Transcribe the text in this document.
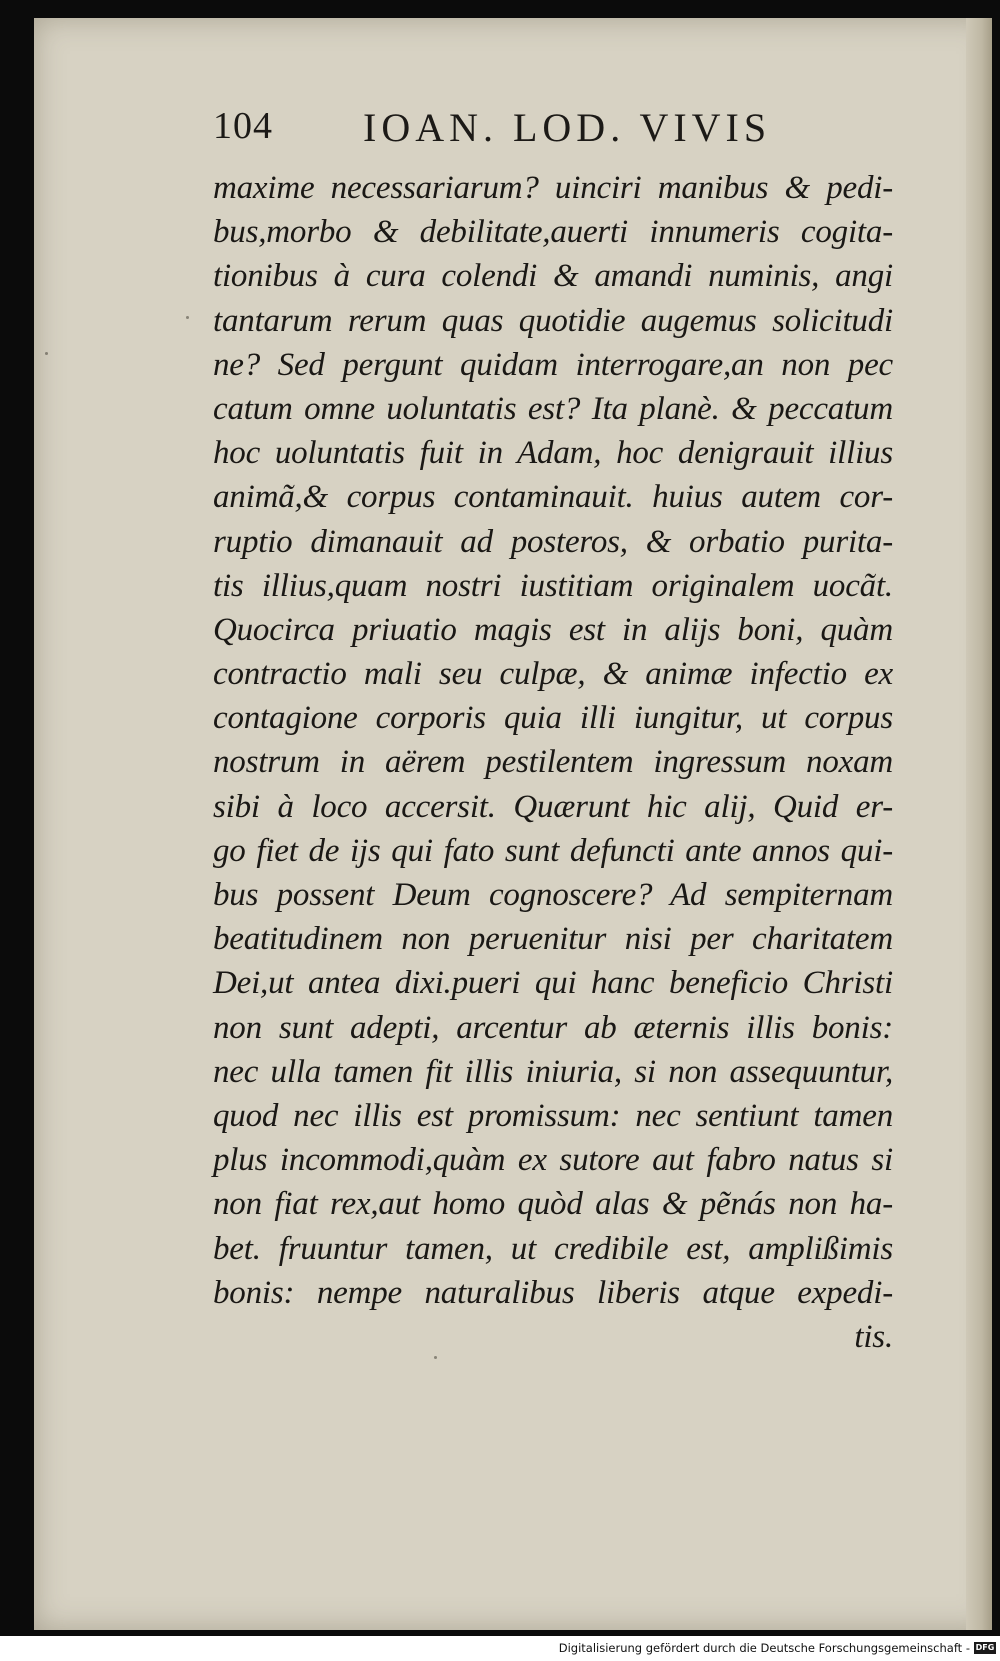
104 IOAN. LOD. VIVIS
maxime necessariarum? uinciri manibus & pedi-
bus,morbo & debilitate,auerti innumeris cogita-
tionibus à cura colendi & amandi numinis, angi
tantarum rerum quas quotidie augemus solicitudi
ne? Sed pergunt quidam interrogare,an non pec
catum omne uoluntatis est? Ita planè. & peccatum
hoc uoluntatis fuit in Adam, hoc denigrauit illius
animã,& corpus contaminauit. huius autem cor-
ruptio dimanauit ad posteros, & orbatio purita-
tis illius,quam nostri iustitiam originalem uocãt.
Quocirca priuatio magis est in alijs boni, quàm
contractio mali seu culpæ, & animæ infectio ex
contagione corporis quia illi iungitur, ut corpus
nostrum in aërem pestilentem ingressum noxam
sibi à loco accersit. Quærunt hic alij, Quid er-
go fiet de ijs qui fato sunt defuncti ante annos qui-
bus possent Deum cognoscere? Ad sempiternam
beatitudinem non peruenitur nisi per charitatem
Dei,ut antea dixi.pueri qui hanc beneficio Christi
non sunt adepti, arcentur ab æternis illis bonis:
nec ulla tamen fit illis iniuria, si non assequuntur,
quod nec illis est promissum: nec sentiunt tamen
plus incommodi,quàm ex sutore aut fabro natus si
non fiat rex,aut homo quòd alas & pẽnás non ha-
bet. fruuntur tamen, ut credibile est, amplißimis
bonis: nempe naturalibus liberis atque expedi-
tis.
Digitalisierung gefördert durch die Deutsche Forschungsgemeinschaft - DFG
